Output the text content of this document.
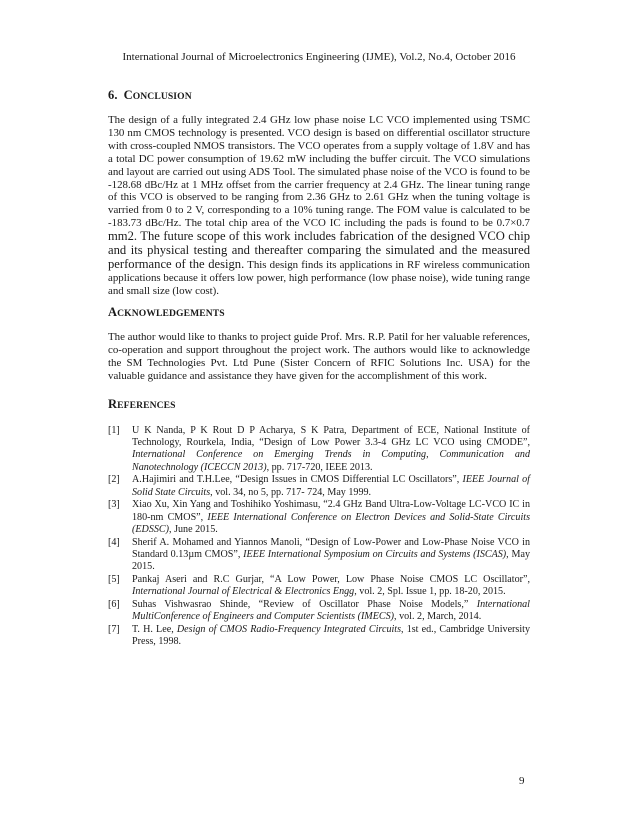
International Journal of Microelectronics Engineering (IJME), Vol.2, No.4, October 2016
6. CONCLUSION
The design of a fully integrated 2.4 GHz low phase noise LC VCO implemented using TSMC 130 nm CMOS technology is presented. VCO design is based on differential oscillator structure with cross-coupled NMOS transistors. The VCO operates from a supply voltage of 1.8V and has a total DC power consumption of 19.62 mW including the buffer circuit. The VCO simulations and layout are carried out using ADS Tool. The simulated phase noise of the VCO is found to be -128.68 dBc/Hz at 1 MHz offset from the carrier frequency at 2.4 GHz. The linear tuning range of this VCO is observed to be ranging from 2.36 GHz to 2.61 GHz when the tuning voltage is varried from 0 to 2 V, corresponding to a 10% tuning range. The FOM value is calculated to be -183.73 dBc/Hz. The total chip area of the VCO IC including the pads is found to be 0.7×0.7 mm2. The future scope of this work includes fabrication of the designed VCO chip and its physical testing and thereafter comparing the simulated and the measured performance of the design. This design finds its applications in RF wireless communication applications because it offers low power, high performance (low phase noise), wide tuning range and small size (low cost).
ACKNOWLEDGEMENTS
The author would like to thanks to project guide Prof. Mrs. R.P. Patil for her valuable references, co-operation and support throughout the project work. The authors would like to acknowledge the SM Technologies Pvt. Ltd Pune (Sister Concern of RFIC Solutions Inc. USA) for the valuable guidance and assistance they have given for the accomplishment of this work.
REFERENCES
[1] U K Nanda, P K Rout D P Acharya, S K Patra, Department of ECE, National Institute of Technology, Rourkela, India, “Design of Low Power 3.3-4 GHz LC VCO using CMODE”, International Conference on Emerging Trends in Computing, Communication and Nanotechnology (ICECCN 2013), pp. 717-720, IEEE 2013.
[2] A.Hajimiri and T.H.Lee, “Design Issues in CMOS Differential LC Oscillators”, IEEE Journal of Solid State Circuits, vol. 34, no 5, pp. 717- 724, May 1999.
[3] Xiao Xu, Xin Yang and Toshihiko Yoshimasu, “2.4 GHz Band Ultra-Low-Voltage LC-VCO IC in 180-nm CMOS”, IEEE International Conference on Electron Devices and Solid-State Circuits (EDSSC), June 2015.
[4] Sherif A. Mohamed and Yiannos Manoli, “Design of Low-Power and Low-Phase Noise VCO in Standard 0.13µm CMOS”, IEEE International Symposium on Circuits and Systems (ISCAS), May 2015.
[5] Pankaj Aseri and R.C Gurjar, “A Low Power, Low Phase Noise CMOS LC Oscillator”, International Journal of Electrical & Electronics Engg, vol. 2, Spl. Issue 1, pp. 18-20, 2015.
[6] Suhas Vishwasrao Shinde, “Review of Oscillator Phase Noise Models,” International MultiConference of Engineers and Computer Scientists (IMECS), vol. 2, March, 2014.
[7] T. H. Lee, Design of CMOS Radio-Frequency Integrated Circuits, 1st ed., Cambridge University Press, 1998.
9
